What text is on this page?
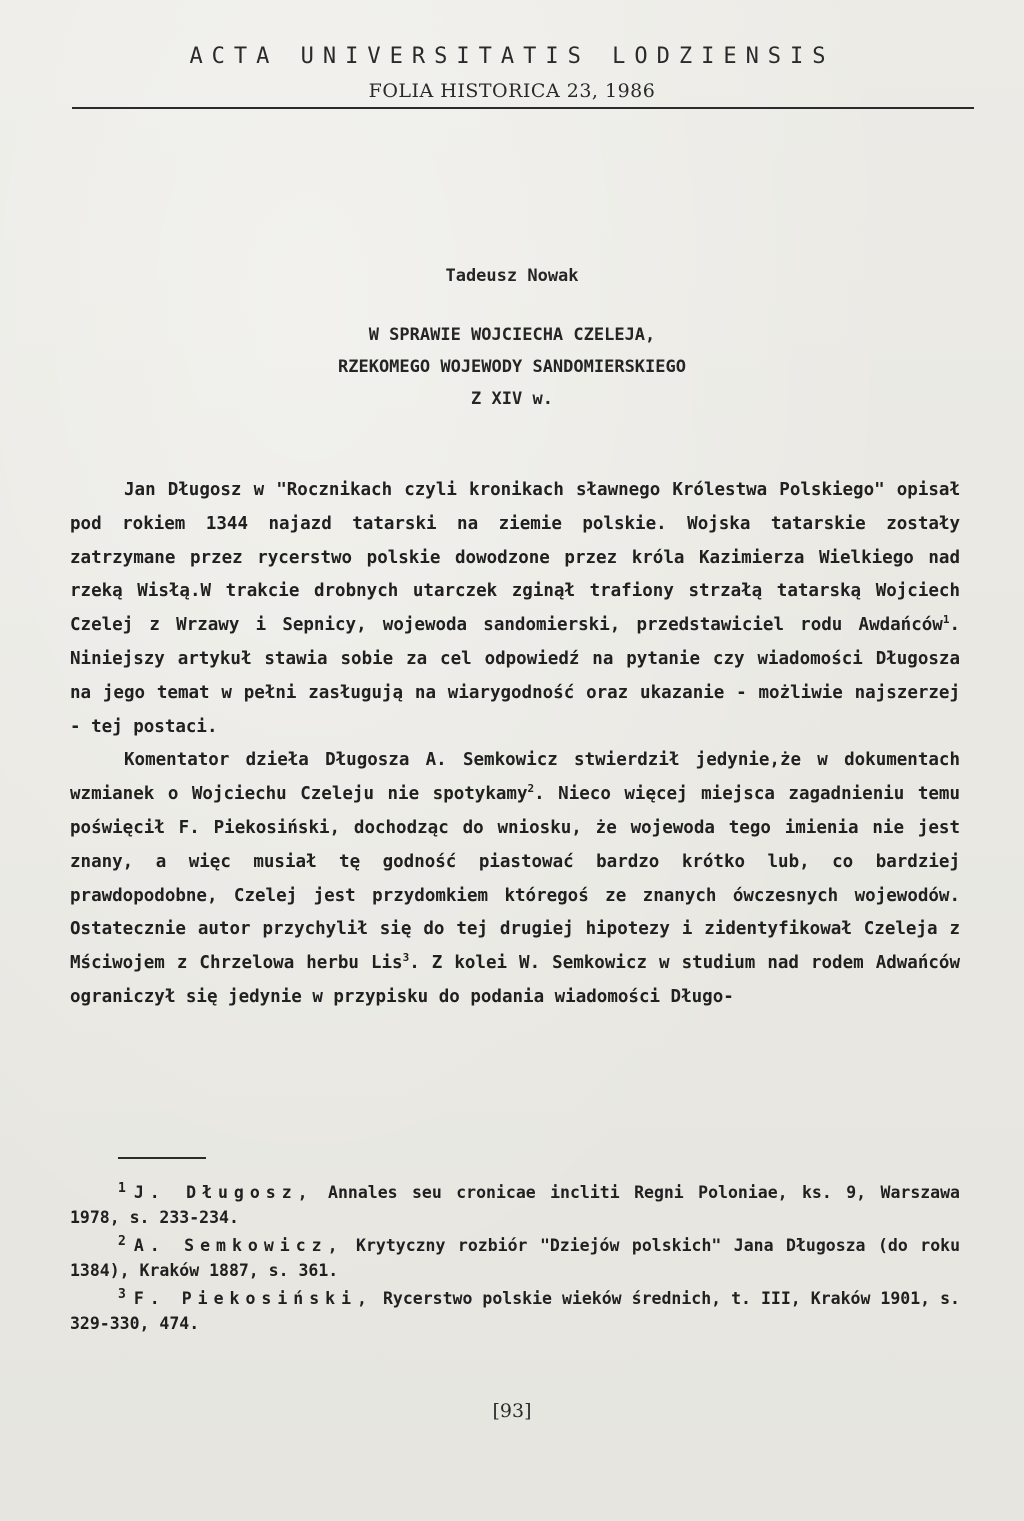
ACTA UNIVERSITATIS LODZIENSIS
FOLIA HISTORICA 23, 1986
Tadeusz Nowak
W SPRAWIE WOJCIECHA CZELEJA,
RZEKOMEGO WOJEWODY SANDOMIERSKIEGO
Z XIV w.

Jan Długosz w "Rocznikach czyli kronikach sławnego Królestwa Polskiego" opisał pod rokiem 1344 najazd tatarski na ziemie polskie. Wojska tatarskie zostały zatrzymane przez rycerstwo polskie dowodzone przez króla Kazimierza Wielkiego nad rzeką Wisłą.W trakcie drobnych utarczek zginął trafiony strzałą tatarską Wojciech Czelej z Wrzawy i Sepnicy, wojewoda sandomierski, przedstawiciel rodu Awdańców$^1$. Niniejszy artykuł stawia sobie za cel odpowiedź na pytanie czy wiadomości Długosza na jego temat w pełni zasługują na wiarygodność oraz ukazanie - możliwie najszerzej - tej postaci.

Komentator dzieła Długosza A. Semkowicz stwierdził jedynie,że w dokumentach wzmianek o Wojciechu Czeleju nie spotykamy$^2$. Nieco więcej miejsca zagadnieniu temu poświęcił F. Piekosiński, dochodząc do wniosku, że wojewoda tego imienia nie jest znany, a więc musiał tę godność piastować bardzo krótko lub, co bardziej prawdopodobne, Czelej jest przydomkiem któregoś ze znanych ówczesnych wojewodów. Ostatecznie autor przychylił się do tej drugiej hipotezy i zidentyfikował Czeleja z Mściwojem z Chrzelowa herbu Lis$^3$. Z kolei W. Semkowicz w studium nad rodem Adwańców ograniczył się jedynie w przypisku do podania wiadomości Długo-

1 J. Długosz, Annales seu cronicae incliti Regni Poloniae, ks. 9, Warszawa 1978, s. 233-234.

2 A. Semkowicz, Krytyczny rozbiór "Dziejów polskich" Jana Długosza (do roku 1384), Kraków 1887, s. 361.

3 F. Piekosiński, Rycerstwo polskie wieków średnich, t. III, Kraków 1901, s. 329-330, 474.

[93]
